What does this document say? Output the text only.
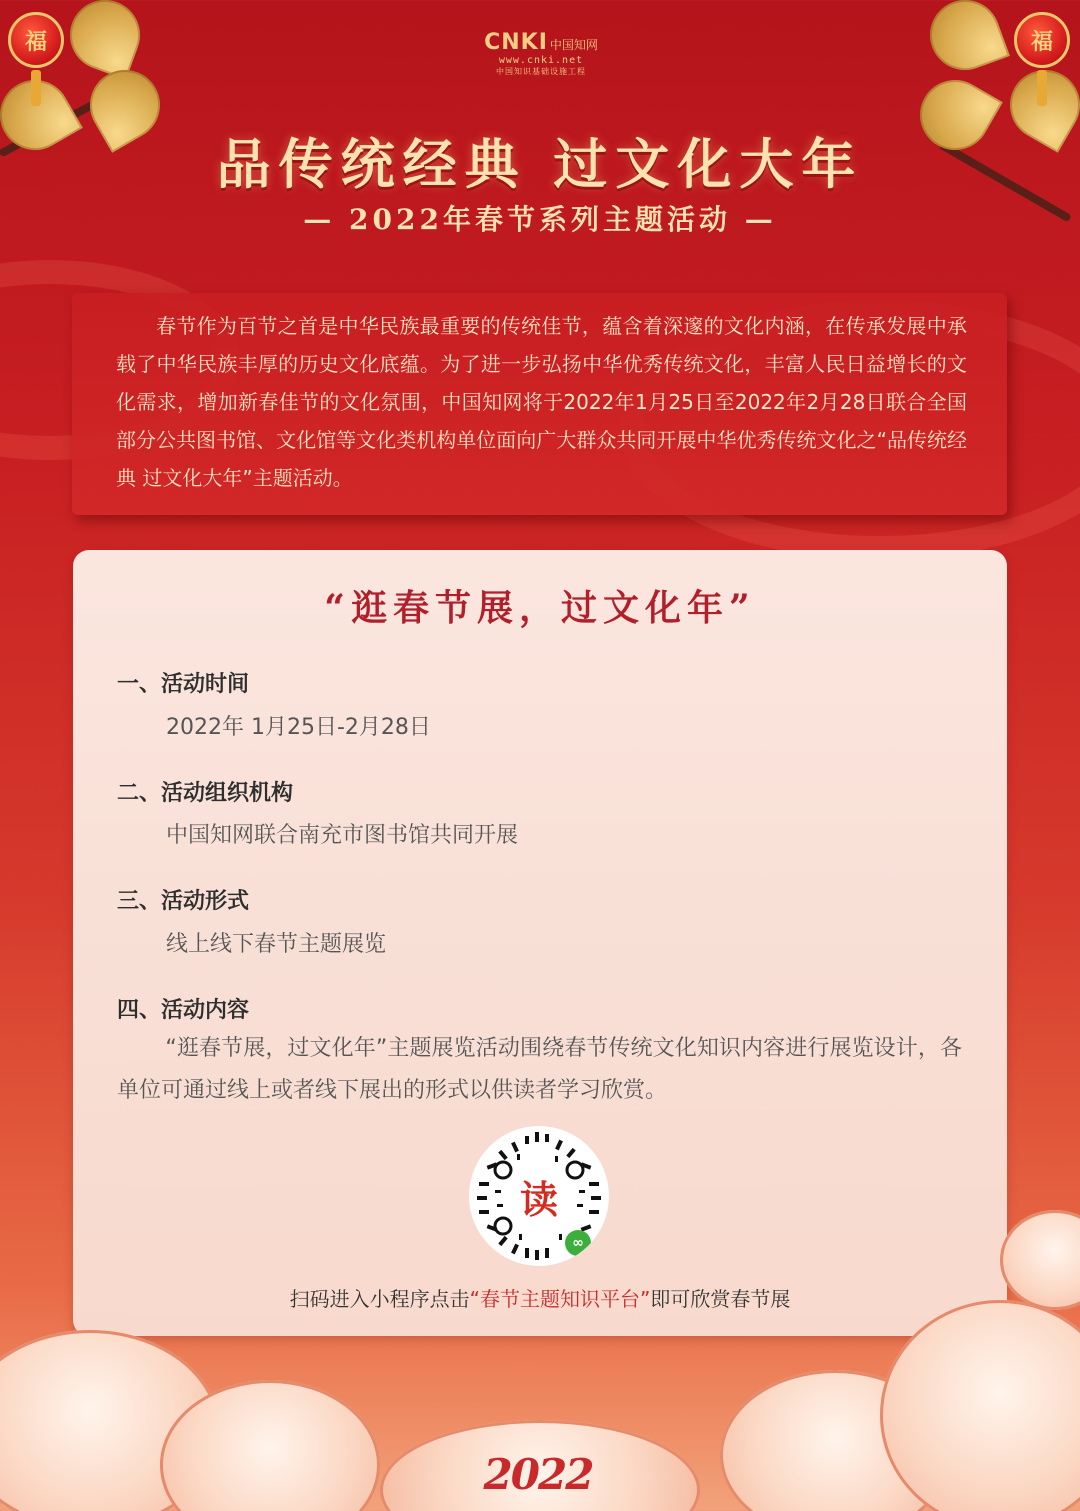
福	福
CNKI 中国知网
www.cnki.net
中国知识基础设施工程
品传统经典 过文化大年
— 2022年春节系列主题活动 —

春节作为百节之首是中华民族最重要的传统佳节，蕴含着深邃的文化内涵，在传承发展中承载了中华民族丰厚的历史文化底蕴。为了进一步弘扬中华优秀传统文化，丰富人民日益增长的文化需求，增加新春佳节的文化氛围，中国知网将于2022年1月25日至2022年2月28日联合全国部分公共图书馆、文化馆等文化类机构单位面向广大群众共同开展中华优秀传统文化之“品传统经典 过文化大年”主题活动。

“逛春节展，过文化年”
一、活动时间
2022年 1月25日-2月28日
二、活动组织机构
中国知网联合南充市图书馆共同开展
三、活动形式
线上线下春节主题展览
四、活动内容

“逛春节展，过文化年”主题展览活动围绕春节传统文化知识内容进行展览设计，各单位可通过线上或者线下展出的形式以供读者学习欣赏。

读
∞
扫码进入小程序点击“春节主题知识平台”即可欣赏春节展
2022
